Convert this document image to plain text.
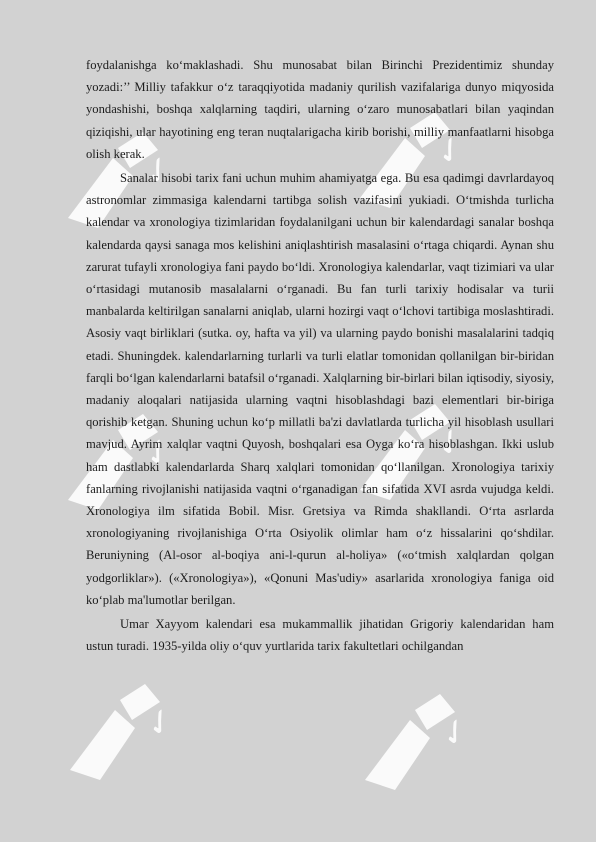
✓	✓
✓	✓
✓	✓

foydalanishga ko‘maklashadi. Shu munosabat bilan Birinchi Prezidentimiz shunday yozadi:’’ Milliy tafakkur o‘z taraqqiyotida madaniy qurilish vazifalariga dunyo miqyosida yondashishi, boshqa xalqlarning taqdiri, ularning o‘zaro munosabatlari bilan yaqindan qiziqishi, ular hayotining eng teran nuqtalarigacha kirib borishi, milliy manfaatlarni hisobga olish kerak.

Sanalar hisobi tarix fani uchun muhim ahamiyatga ega. Bu esa qadimgi davrlardayoq astronomlar zimmasiga kalendarni tartibga solish vazifasini yukiadi. O‘tmishda turlicha kalendar va xronologiya tizimlaridan foydalanilgani uchun bir kalendardagi sanalar boshqa kalendarda qaysi sanaga mos kelishini aniqlashtirish masalasini o‘rtaga chiqardi. Aynan shu zarurat tufayli xronologiya fani paydo bo‘ldi. Xronologiya kalendarlar, vaqt tizimiari va ular o‘rtasidagi mutanosib masalalarni o‘rganadi. Bu fan turli tarixiy hodisalar va turii manbalarda keltirilgan sanalarni aniqlab, ularni hozirgi vaqt o‘lchovi tartibiga moslashtiradi. Asosiy vaqt birliklari (sutka. oy, hafta va yil) va ularning paydo bonishi masalalarini tadqiq etadi. Shuningdek. kalendarlarning turlarli va turli elatlar tomonidan qollanilgan bir-biridan farqli bo‘lgan kalendarlarni batafsil o‘rganadi. Xalqlarning bir-birlari bilan iqtisodiy, siyosiy, madaniy aloqalari natijasida ularning vaqtni hisoblashdagi bazi elementlari bir-biriga qorishib ketgan. Shuning uchun ko‘p millatli ba'zi davlatlarda turlicha yil hisoblash usullari mavjud. Ayrim xalqlar vaqtni Quyosh, boshqalari esa Oyga ko‘ra hisoblashgan. Ikki uslub ham dastlabki kalendarlarda Sharq xalqlari tomonidan qo‘llanilgan. Xronologiya tarixiy fanlarning rivojlanishi natijasida vaqtni o‘rganadigan fan sifatida XVI asrda vujudga keldi. Xronologiya ilm sifatida Bobil. Misr. Gretsiya va Rimda shakllandi. O‘rta asrlarda xronologiyaning rivojlanishiga O‘rta Osiyolik olimlar ham o‘z hissalarini qo‘shdilar. Beruniyning (Al-osor al-boqiya ani-l-qurun al-holiya» («o‘tmish xalqlardan qolgan yodgorliklar»). («Xronologiya»), «Qonuni Mas'udiy» asarlarida xronologiya faniga oid ko‘plab ma'lumotlar berilgan.

Umar Xayyom kalendari esa mukammallik jihatidan Grigoriy kalendaridan ham ustun turadi. 1935-yilda oliy o‘quv yurtlarida tarix fakultetlari ochilgandan
